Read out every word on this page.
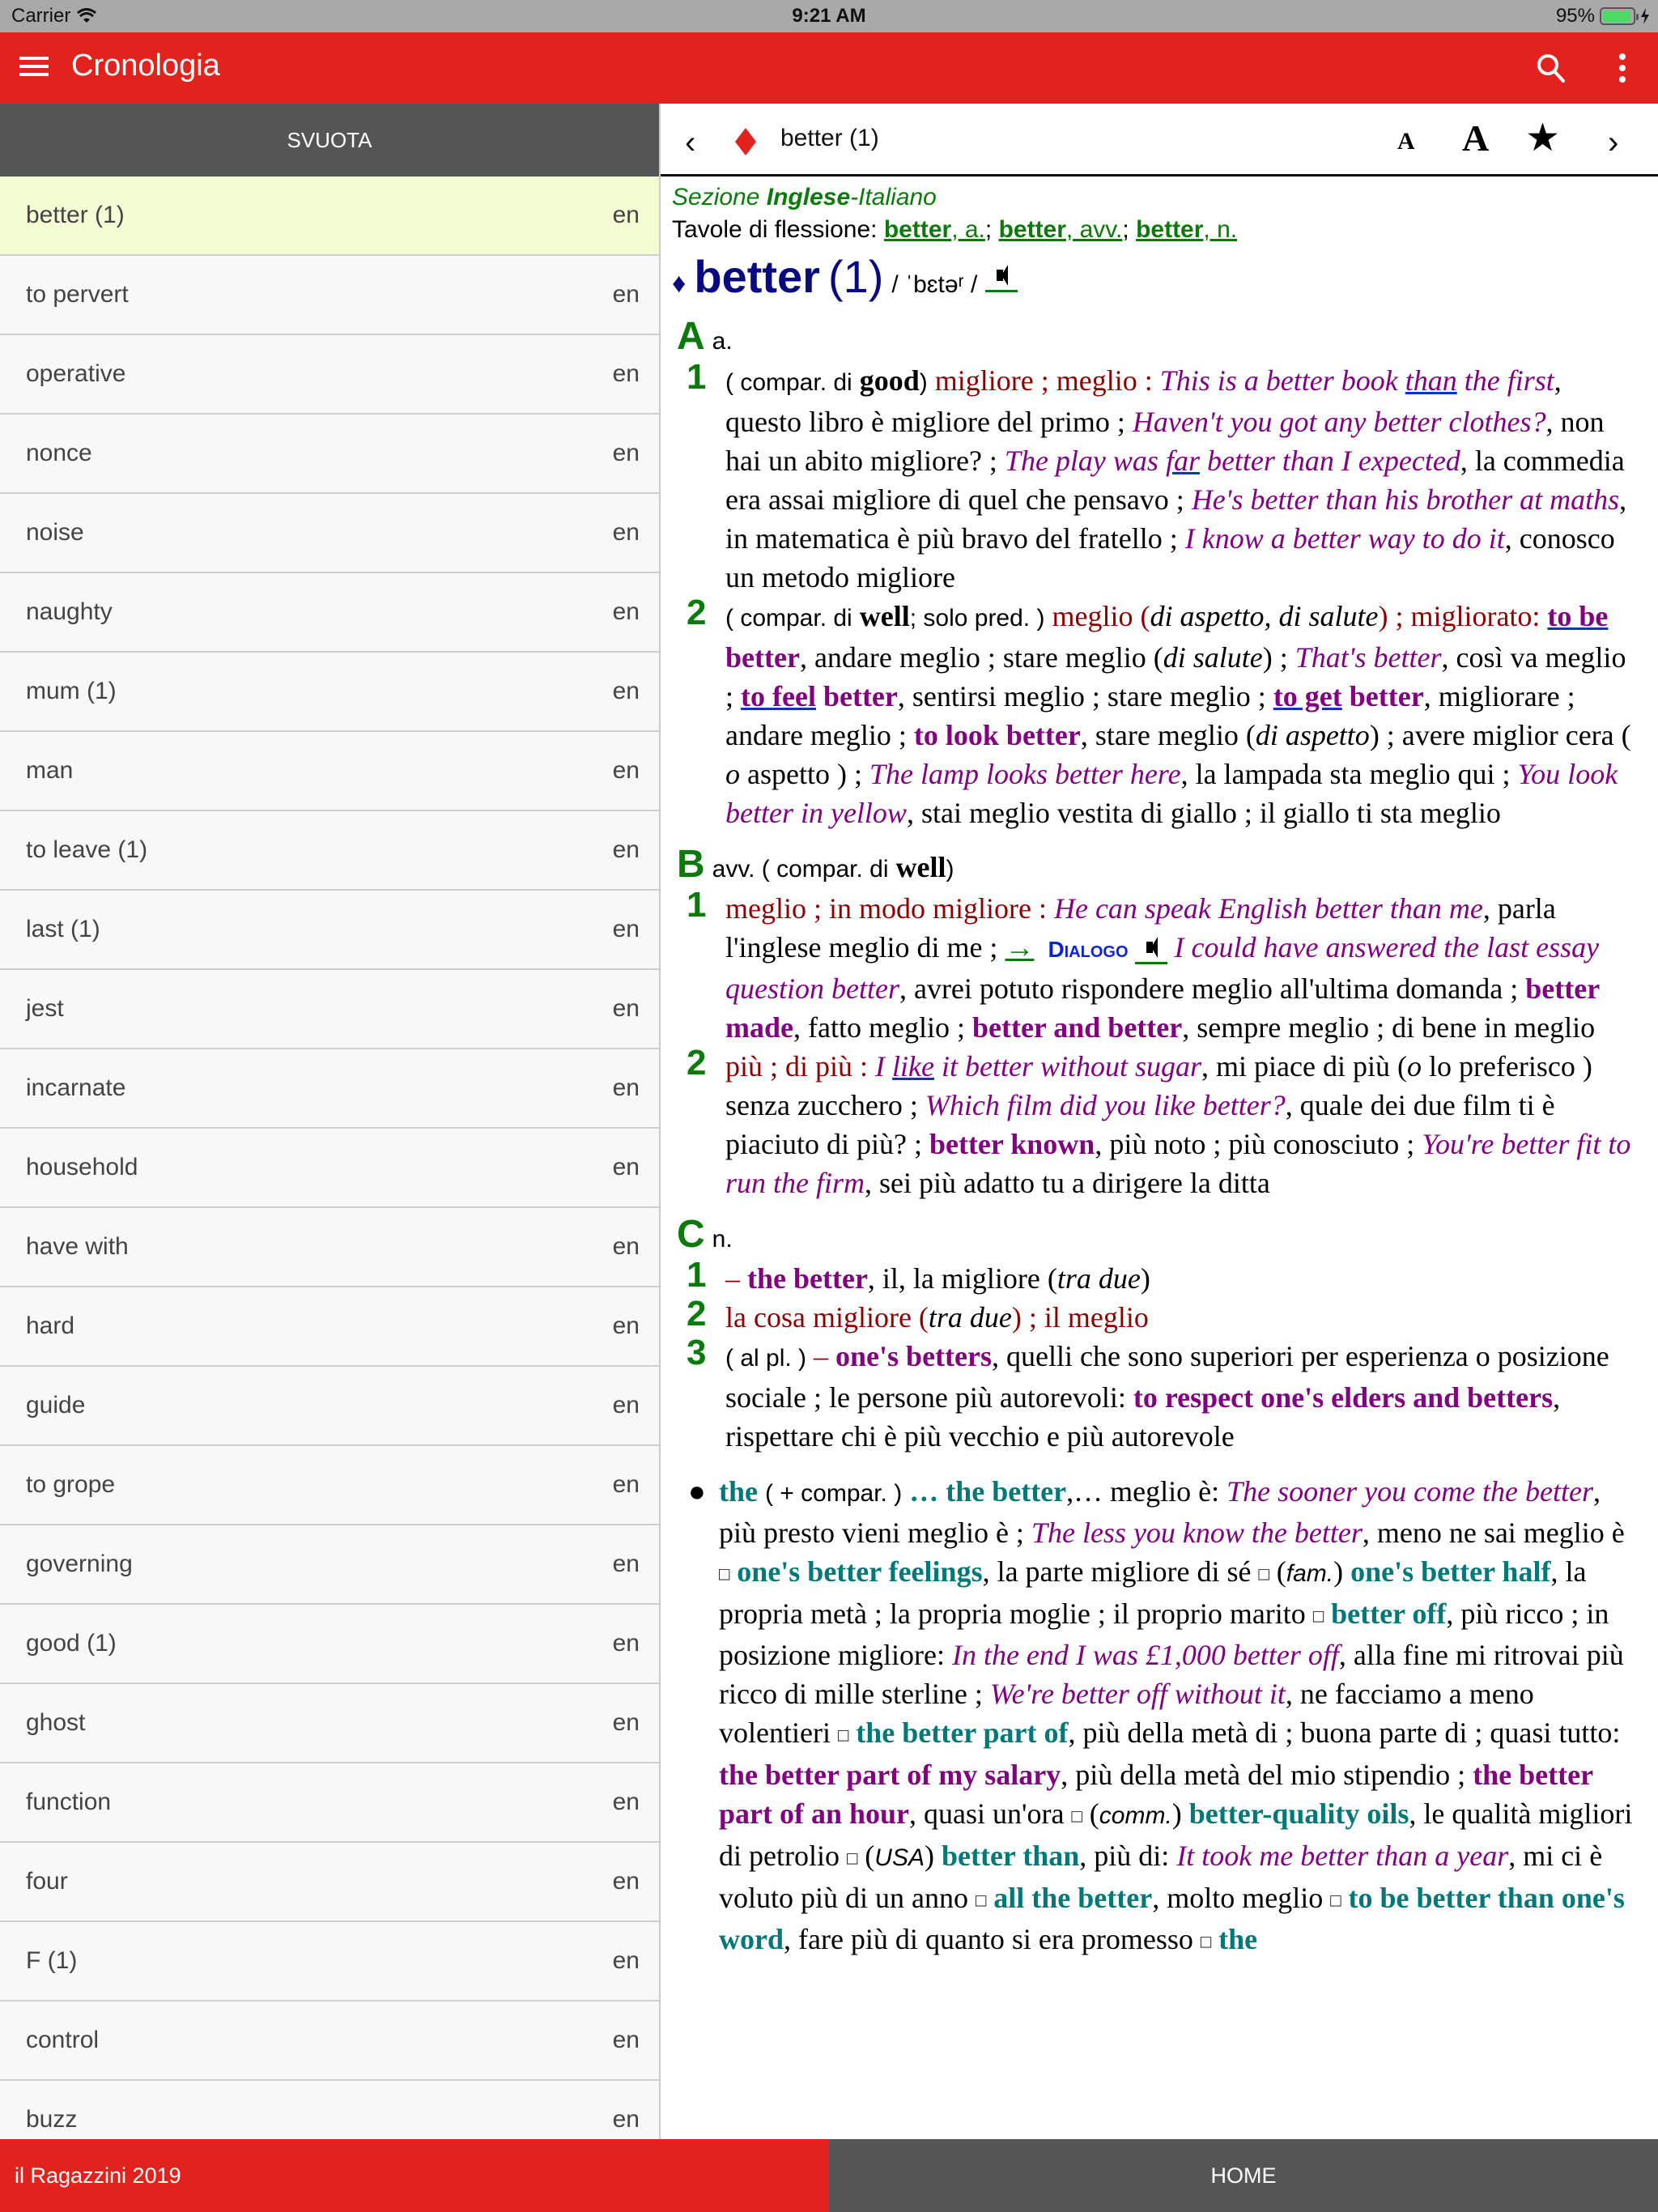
Carrier	9:21 AM	95%
Cronologia
SVUOTA
better (1)	en
to pervert	en
operative	en
nonce	en
noise	en
naughty	en
mum (1)	en
man	en
to leave (1)	en
last (1)	en
jest	en
incarnate	en
household	en
have with	en
hard	en
guide	en
to grope	en
governing	en
good (1)	en
ghost	en
function	en
four	en
F (1)	en
control	en
buzz	en
‹	better (1)	A A ★ ›
Sezione Inglese-Italiano
Tavole di flessione: better, a.; better, avv.; better, n.
♦ better (1) / ˈbɛtəʳ /
A a.
1 ( compar. di good) migliore ; meglio : This is a better book than the first, questo libro è migliore del primo ; Haven't you got any better clothes?, non hai un abito migliore? ; The play was far better than I expected, la commedia era assai migliore di quel che pensavo ; He's better than his brother at maths, in matematica è più bravo del fratello ; I know a better way to do it, conosco un metodo migliore
2 ( compar. di well; solo pred. ) meglio (di aspetto, di salute) ; migliorato: to be better, andare meglio ; stare meglio (di salute) ; That's better, così va meglio ; to feel better, sentirsi meglio ; stare meglio ; to get better, migliorare ; andare meglio ; to look better, stare meglio (di aspetto) ; avere miglior cera ( o aspetto ) ; The lamp looks better here, la lampada sta meglio qui ; You look better in yellow, stai meglio vestita di giallo ; il giallo ti sta meglio
B avv. ( compar. di well)
1 meglio ; in modo migliore : He can speak English better than me, parla l'inglese meglio di me ; → Dialogo I could have answered the last essay question better, avrei potuto rispondere meglio all'ultima domanda ; better made, fatto meglio ; better and better, sempre meglio ; di bene in meglio
2 più ; di più : I like it better without sugar, mi piace di più (o lo preferisco ) senza zucchero ; Which film did you like better?, quale dei due film ti è piaciuto di più? ; better known, più noto ; più conosciuto ; You're better fit to run the firm, sei più adatto tu a dirigere la ditta
C n.
1 – the better, il, la migliore (tra due)
2 la cosa migliore (tra due) ; il meglio
3 ( al pl. ) – one's betters, quelli che sono superiori per esperienza o posizione sociale ; le persone più autorevoli: to respect one's elders and betters, rispettare chi è più vecchio e più autorevole
● the ( + compar. ) … the better,… meglio è: The sooner you come the better, più presto vieni meglio è ; The less you know the better, meno ne sai meglio è □ one's better feelings, la parte migliore di sé □ (fam.) one's better half, la propria metà ; la propria moglie ; il proprio marito □ better off, più ricco ; in posizione migliore: In the end I was £1,000 better off, alla fine mi ritrovai più ricco di mille sterline ; We're better off without it, ne facciamo a meno volentieri □ the better part of, più della metà di ; buona parte di ; quasi tutto: the better part of my salary, più della metà del mio stipendio ; the better part of an hour, quasi un'ora □ (comm.) better-quality oils, le qualità migliori di petrolio □ (USA) better than, più di: It took me better than a year, mi ci è voluto più di un anno □ all the better, molto meglio □ to be better than one's word, fare più di quanto si era promesso □ the
il Ragazzini 2019	HOME
